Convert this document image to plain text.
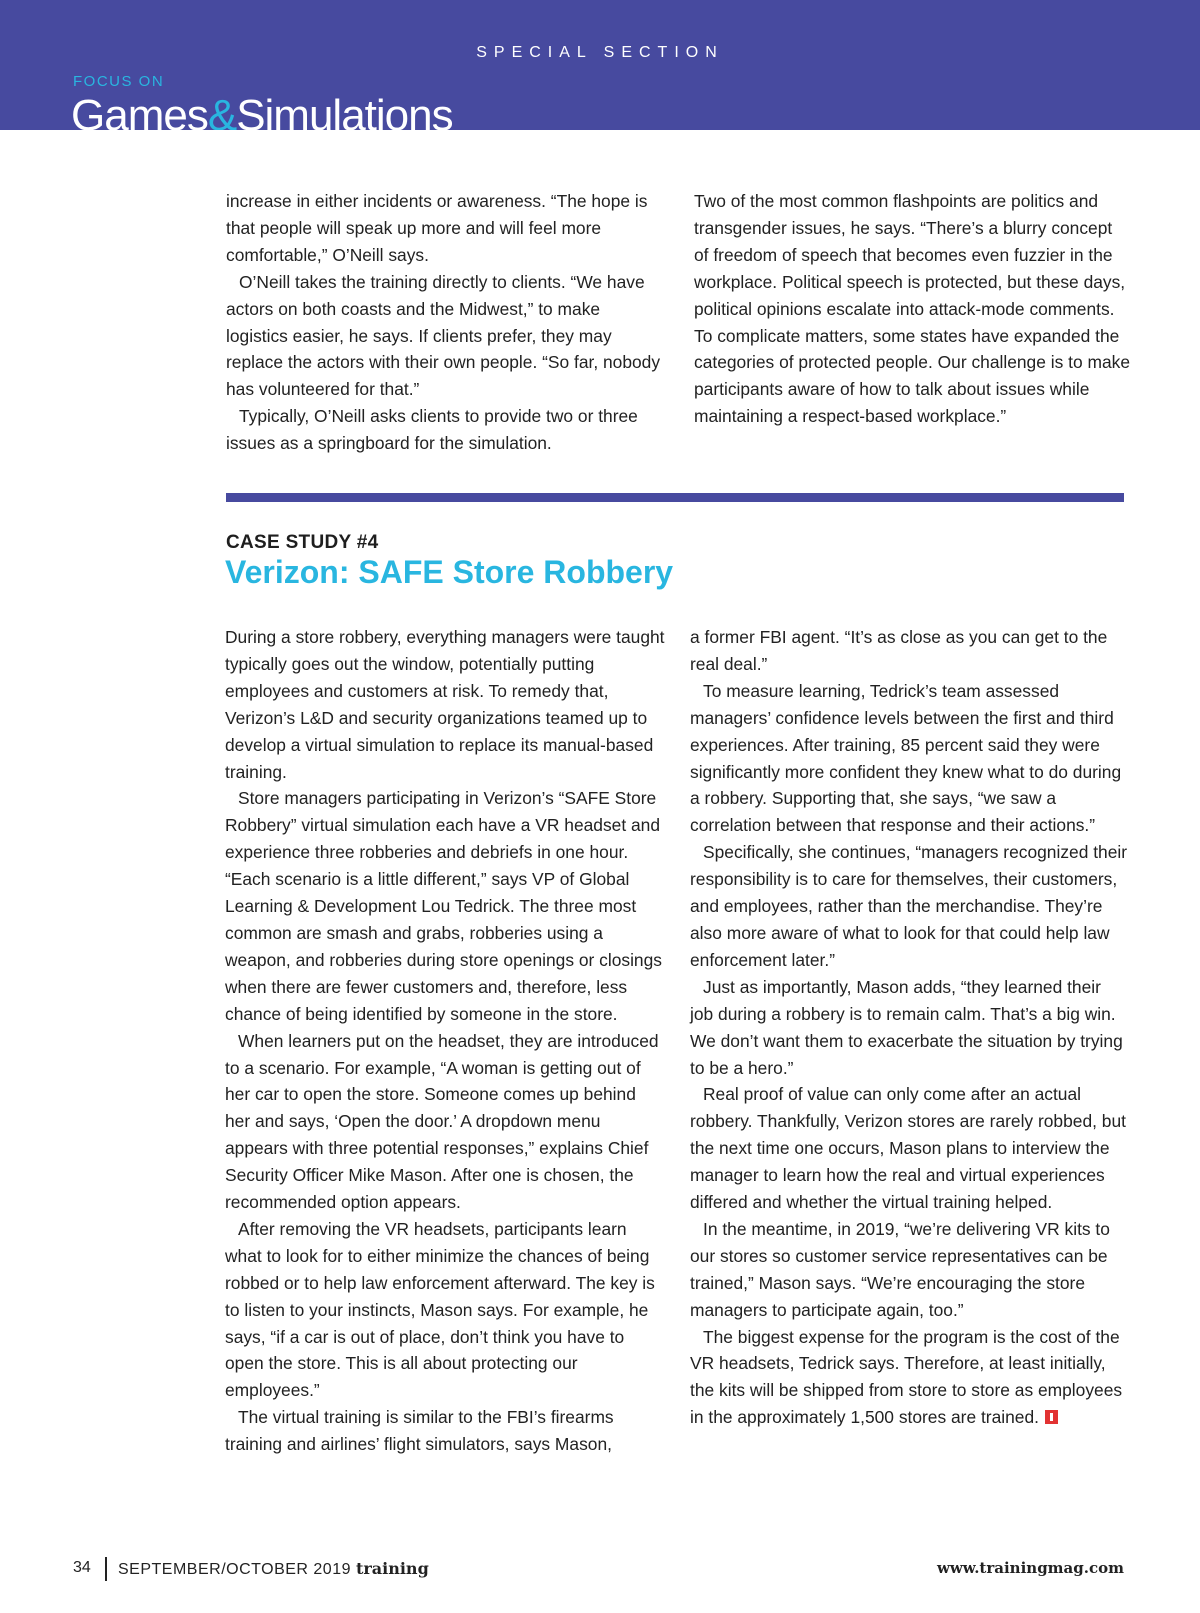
SPECIAL SECTION
FOCUS ON
Games&Simulations

increase in either incidents or awareness. “The hope is that people will speak up more and will feel more comfortable,” O’Neill says.

O’Neill takes the training directly to clients. “We have actors on both coasts and the Midwest,” to make logistics easier, he says. If clients prefer, they may replace the actors with their own people. “So far, nobody has volunteered for that.”

Typically, O’Neill asks clients to provide two or three issues as a springboard for the simulation.

Two of the most common flashpoints are politics and transgender issues, he says. “There’s a blurry concept of freedom of speech that becomes even fuzzier in the workplace. Political speech is protected, but these days, political opinions escalate into attack-mode comments. To complicate matters, some states have expanded the categories of protected people. Our challenge is to make participants aware of how to talk about issues while maintaining a respect-based workplace.”

CASE STUDY #4
Verizon: SAFE Store Robbery

During a store robbery, everything managers were taught typically goes out the window, potentially putting employees and customers at risk. To remedy that, Verizon’s L&D and security organizations teamed up to develop a virtual simulation to replace its manual-based training.

Store managers participating in Verizon’s “SAFE Store Robbery” virtual simulation each have a VR headset and experience three robberies and debriefs in one hour. “Each scenario is a little different,” says VP of Global Learning & Development Lou Tedrick. The three most common are smash and grabs, robberies using a weapon, and robberies during store openings or closings when there are fewer customers and, therefore, less chance of being identified by someone in the store.

When learners put on the headset, they are introduced to a scenario. For example, “A woman is getting out of her car to open the store. Someone comes up behind her and says, ‘Open the door.’ A dropdown menu appears with three potential responses,” explains Chief Security Officer Mike Mason. After one is chosen, the recommended option appears.

After removing the VR headsets, participants learn what to look for to either minimize the chances of being robbed or to help law enforcement afterward. The key is to listen to your instincts, Mason says. For example, he says, “if a car is out of place, don’t think you have to open the store. This is all about protecting our employees.”

The virtual training is similar to the FBI’s firearms training and airlines’ flight simulators, says Mason,

a former FBI agent. “It’s as close as you can get to the real deal.”

To measure learning, Tedrick’s team assessed managers’ confidence levels between the first and third experiences. After training, 85 percent said they were significantly more confident they knew what to do during a robbery. Supporting that, she says, “we saw a correlation between that response and their actions.”

Specifically, she continues, “managers recognized their responsibility is to care for themselves, their customers, and employees, rather than the merchandise. They’re also more aware of what to look for that could help law enforcement later.”

Just as importantly, Mason adds, “they learned their job during a robbery is to remain calm. That’s a big win. We don’t want them to exacerbate the situation by trying to be a hero.”

Real proof of value can only come after an actual robbery. Thankfully, Verizon stores are rarely robbed, but the next time one occurs, Mason plans to interview the manager to learn how the real and virtual experiences differed and whether the virtual training helped.

In the meantime, in 2019, “we’re delivering VR kits to our stores so customer service representatives can be trained,” Mason says. “We’re encouraging the store managers to participate again, too.”

The biggest expense for the program is the cost of the VR headsets, Tedrick says. Therefore, at least initially, the kits will be shipped from store to store as employees in the approximately 1,500 stores are trained.

34 SEPTEMBER/OCTOBER 2019 training	www.trainingmag.com
